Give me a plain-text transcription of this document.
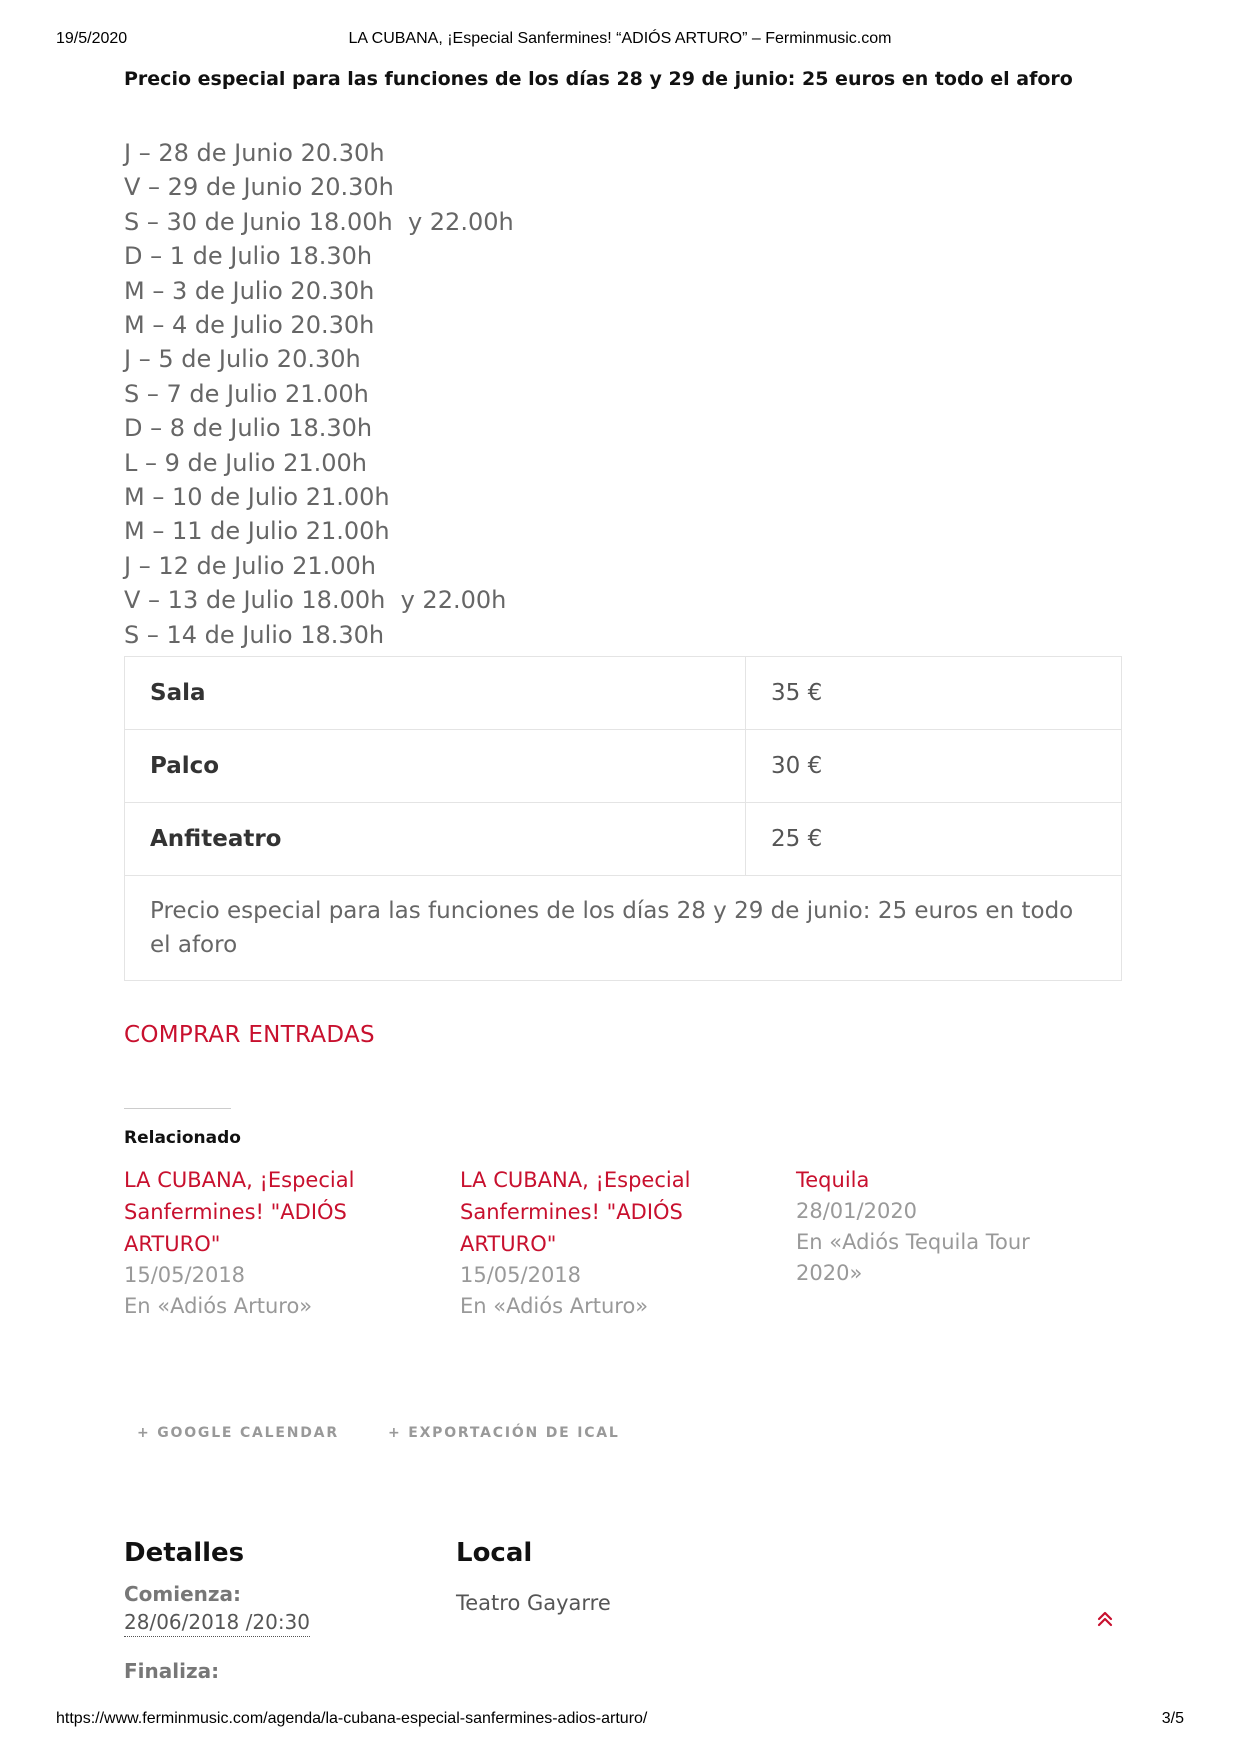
19/5/2020	LA CUBANA, ¡Especial Sanfermines! “ADIÓS ARTURO” – Ferminmusic.com
Precio especial para las funciones de los días 28 y 29 de junio: 25 euros en todo el aforo
J – 28 de Junio 20.30h
V – 29 de Junio 20.30h
S – 30 de Junio 18.00h  y 22.00h
D – 1 de Julio 18.30h
M – 3 de Julio 20.30h
M – 4 de Julio 20.30h
J – 5 de Julio 20.30h
S – 7 de Julio 21.00h
D – 8 de Julio 18.30h
L – 9 de Julio 21.00h
M – 10 de Julio 21.00h
M – 11 de Julio 21.00h
J – 12 de Julio 21.00h
V – 13 de Julio 18.00h  y 22.00h
S – 14 de Julio 18.30h
Sala	35 €
Palco	30 €
Anfiteatro	25 €
Precio especial para las funciones de los días 28 y 29 de junio: 25 euros en todo el aforo	
COMPRAR ENTRADAS
Relacionado
LA CUBANA, ¡Especial Sanfermines! "ADIÓS ARTURO"
15/05/2018
En «Adiós Arturo»
LA CUBANA, ¡Especial Sanfermines! "ADIÓS ARTURO"
15/05/2018
En «Adiós Arturo»
Tequila
28/01/2020
En «Adiós Tequila Tour 2020»
+ GOOGLE CALENDAR	+ EXPORTACIÓN DE ICAL
Detalles
Comienza:
28/06/2018 /20:30
Finaliza:
Local
Teatro Gayarre
https://www.ferminmusic.com/agenda/la-cubana-especial-sanfermines-adios-arturo/	3/5
